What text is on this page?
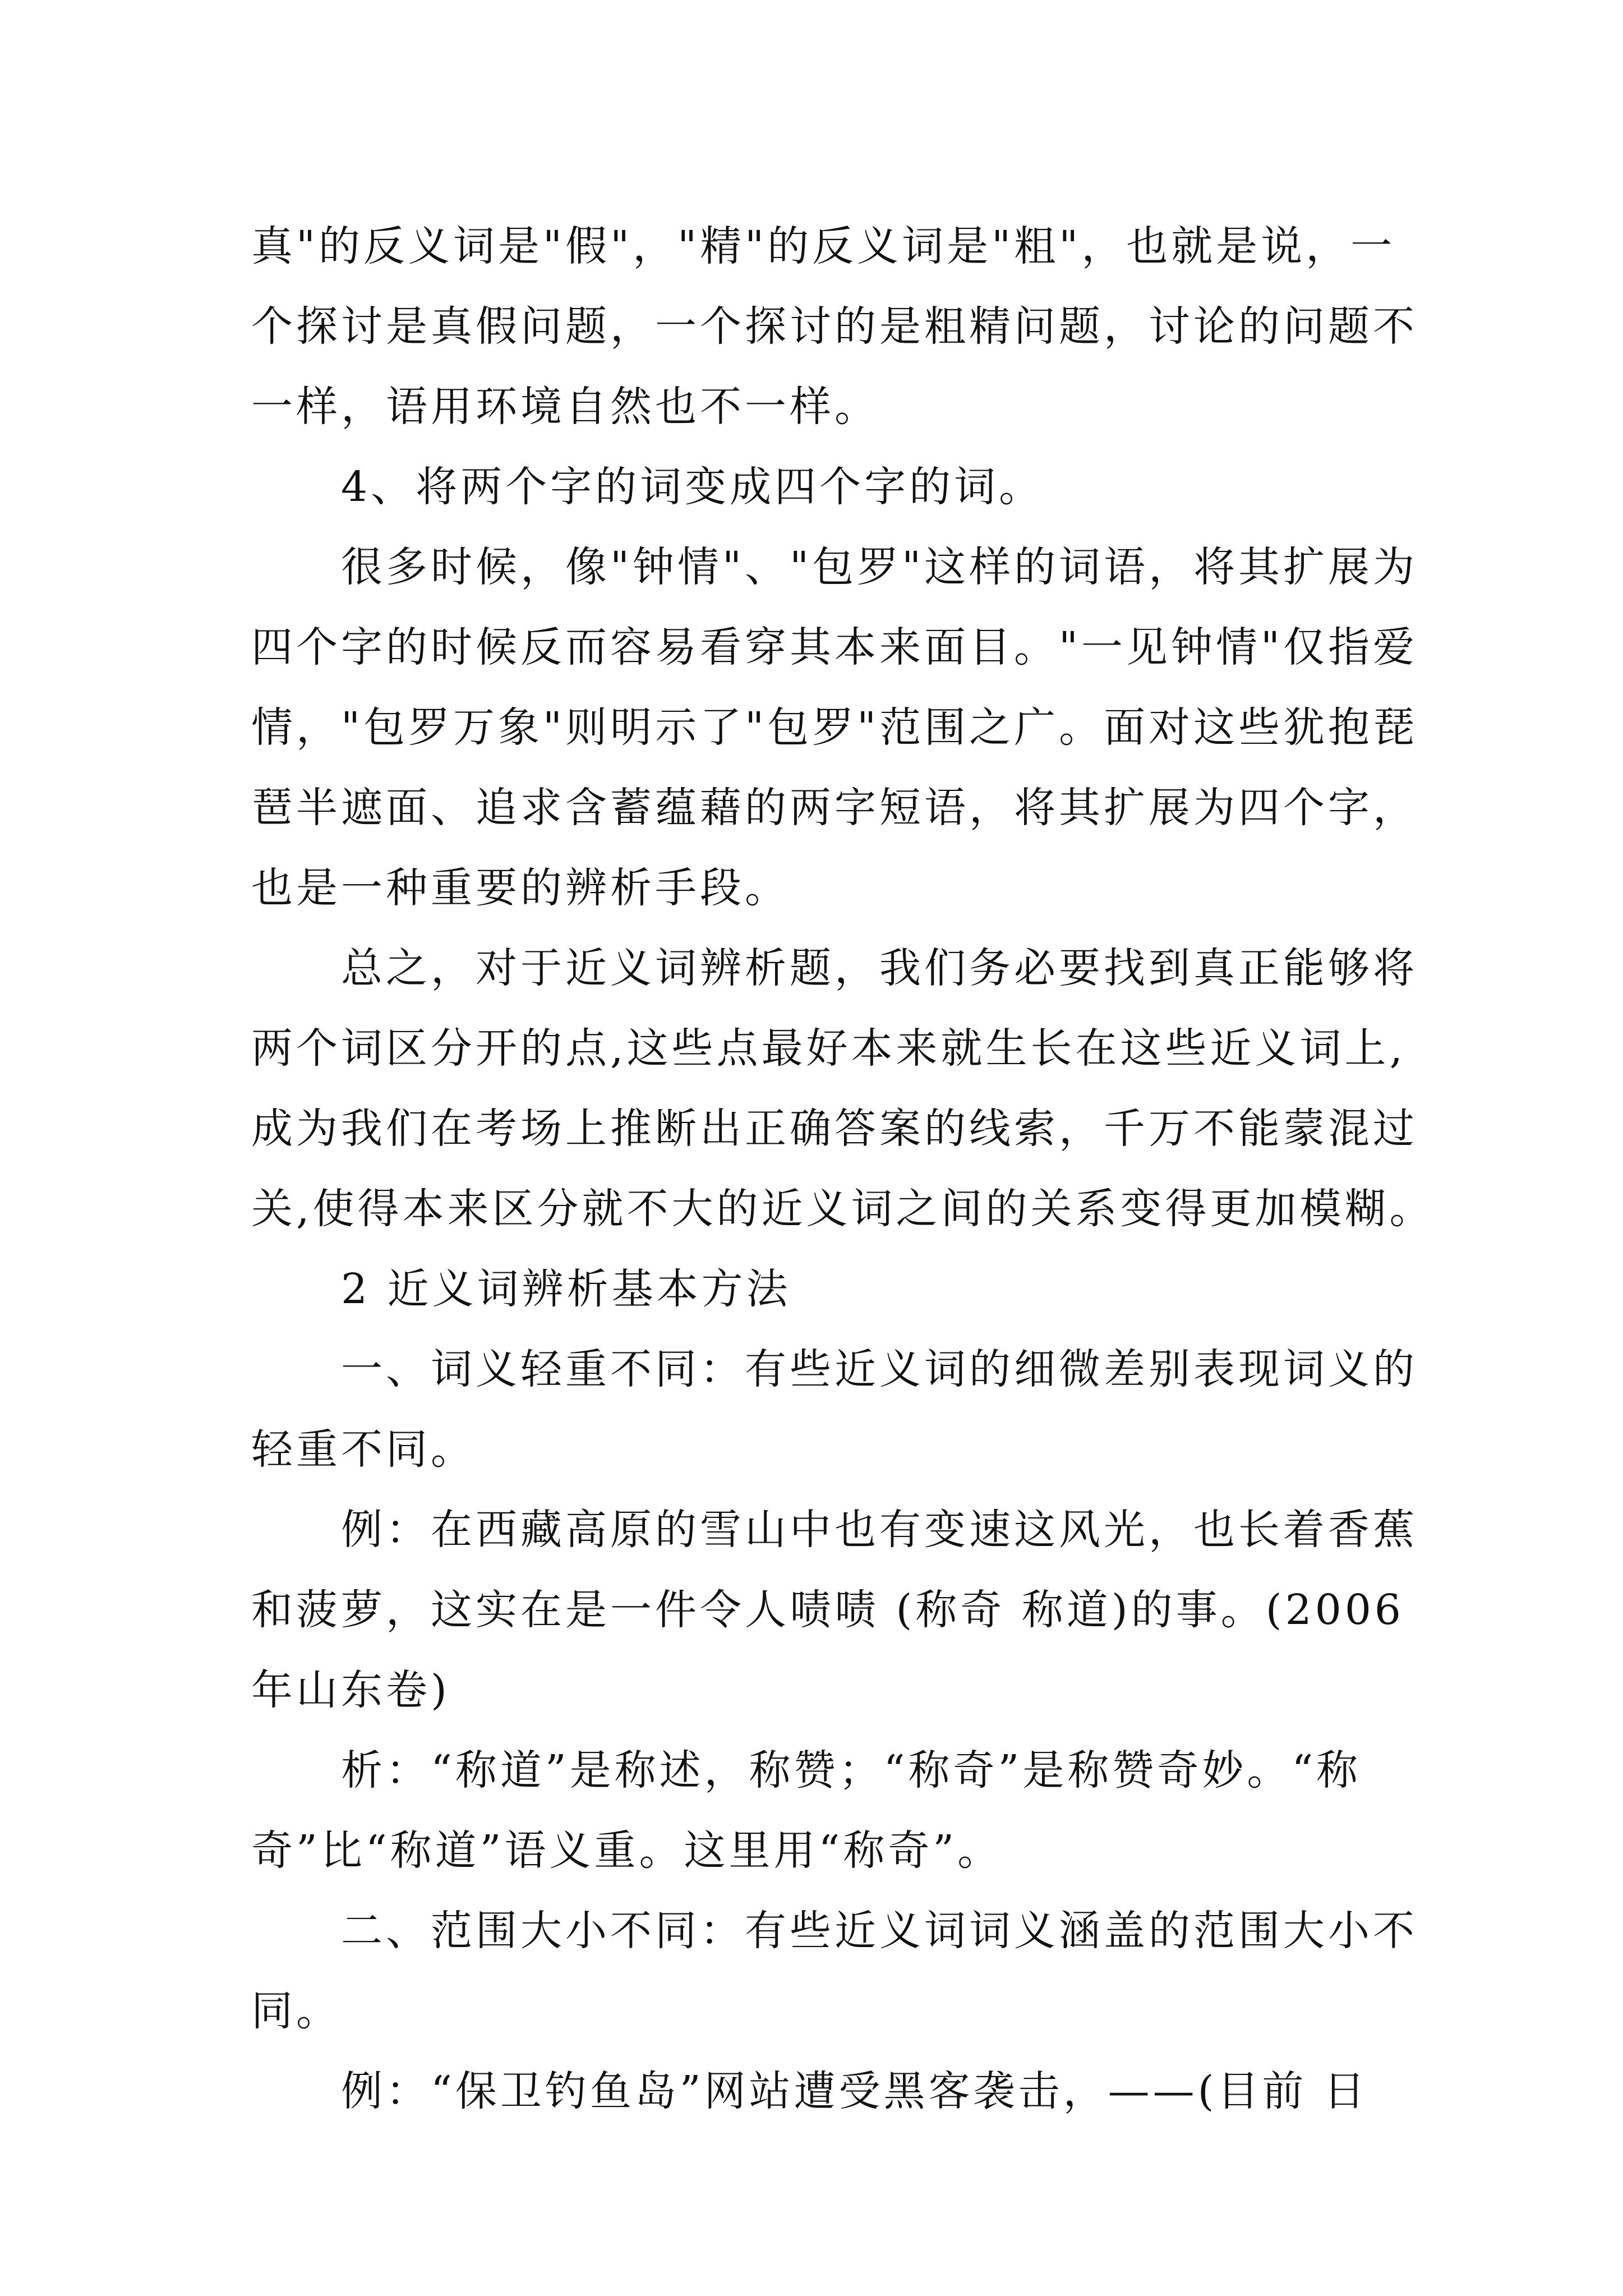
真"的反义词是"假"，"精"的反义词是"粗"，也就是说，一
个探讨是真假问题，一个探讨的是粗精问题，讨论的问题不
一样，语用环境自然也不一样。
4、将两个字的词变成四个字的词。
很多时候，像"钟情"、"包罗"这样的词语，将其扩展为
四个字的时候反而容易看穿其本来面目。"一见钟情"仅指爱
情，"包罗万象"则明示了"包罗"范围之广。面对这些犹抱琵
琶半遮面、追求含蓄蕴藉的两字短语，将其扩展为四个字，
也是一种重要的辨析手段。
总之，对于近义词辨析题，我们务必要找到真正能够将
两个词区分开的点,这些点最好本来就生长在这些近义词上,
成为我们在考场上推断出正确答案的线索，千万不能蒙混过
关,使得本来区分就不大的近义词之间的关系变得更加模糊。
2 近义词辨析基本方法
一、词义轻重不同：有些近义词的细微差别表现词义的
轻重不同。
例：在西藏高原的雪山中也有变速这风光，也长着香蕉
和菠萝，这实在是一件令人啧啧 (称奇 称道)的事。(2006
年山东卷)
析：“称道”是称述，称赞；“称奇”是称赞奇妙。“称
奇”比“称道”语义重。这里用“称奇”。
二、范围大小不同：有些近义词词义涵盖的范围大小不
同。
例：“保卫钓鱼岛”网站遭受黑客袭击，——(目前 日
